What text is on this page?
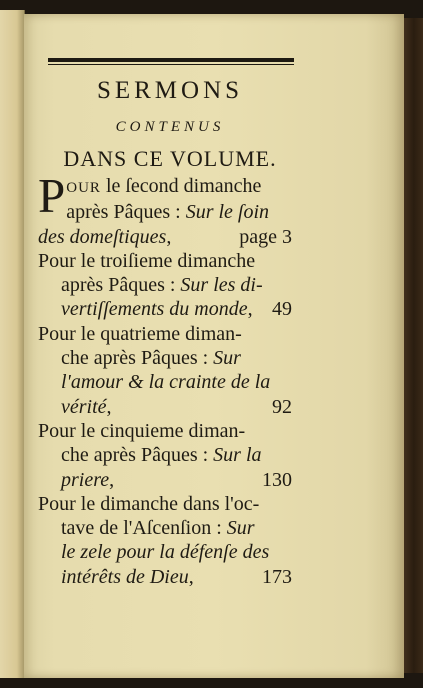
SERMONS
CONTENUS
DANS CE VOLUME.
P OUR le ſecond dimanche
après Pâques : Sur le ſoin
des domeſtiques,	page 3
Pour le troiſieme dimanche
après Pâques : Sur les di-
vertiſſements du monde, 49
Pour le quatrieme diman-
che après Pâques : Sur
l'amour & la crainte de la
vérité,	92
Pour le cinquieme diman-
che après Pâques : Sur la
priere,	130
Pour le dimanche dans l'oc-
tave de l'Aſcenſion : Sur
le zele pour la défenſe des
intérêts de Dieu,	173
